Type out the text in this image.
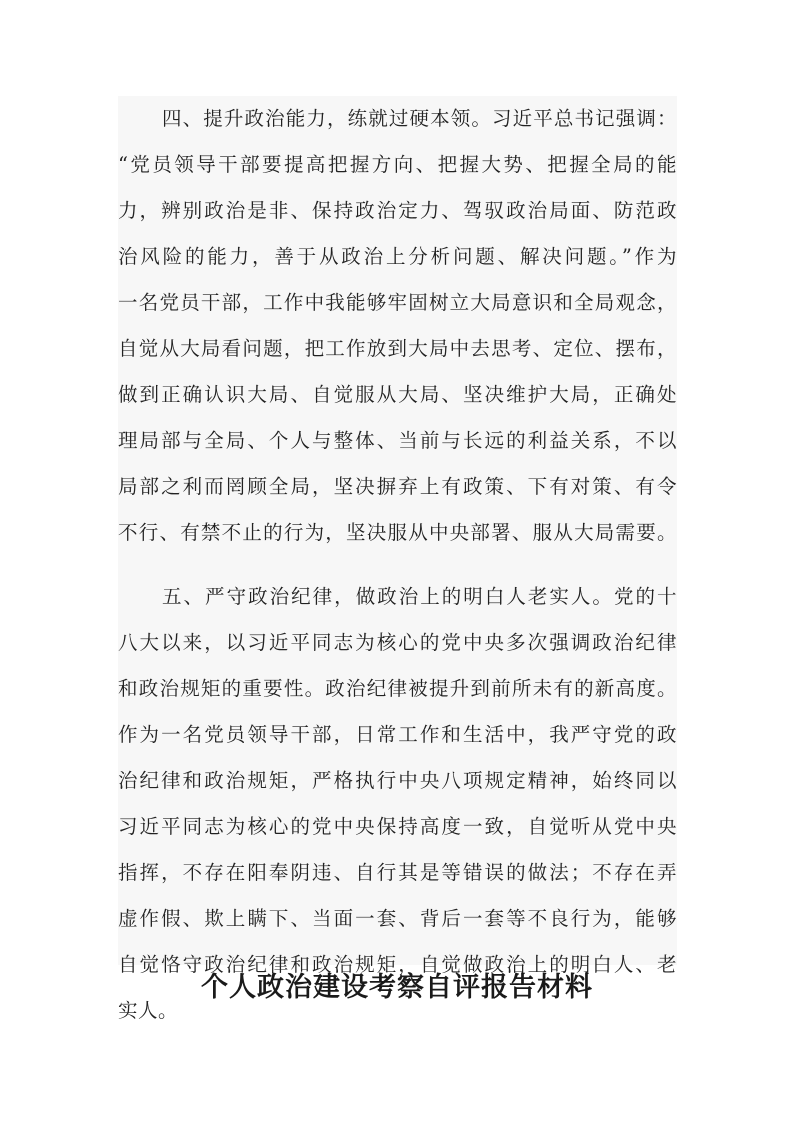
四、提升政治能力，练就过硬本领。习近平总书记强调：
“党员领导干部要提高把握方向、把握大势、把握全局的能
力，辨别政治是非、保持政治定力、驾驭政治局面、防范政
治风险的能力，善于从政治上分析问题、解决问题。”作为
一名党员干部，工作中我能够牢固树立大局意识和全局观念，
自觉从大局看问题，把工作放到大局中去思考、定位、摆布，
做到正确认识大局、自觉服从大局、坚决维护大局，正确处
理局部与全局、个人与整体、当前与长远的利益关系，不以
局部之利而罔顾全局，坚决摒弃上有政策、下有对策、有令
不行、有禁不止的行为，坚决服从中央部署、服从大局需要。
五、严守政治纪律，做政治上的明白人老实人。党的十
八大以来，以习近平同志为核心的党中央多次强调政治纪律
和政治规矩的重要性。政治纪律被提升到前所未有的新高度。
作为一名党员领导干部，日常工作和生活中，我严守党的政
治纪律和政治规矩，严格执行中央八项规定精神，始终同以
习近平同志为核心的党中央保持高度一致，自觉听从党中央
指挥，不存在阳奉阴违、自行其是等错误的做法；不存在弄
虚作假、欺上瞒下、当面一套、背后一套等不良行为，能够
自觉恪守政治纪律和政治规矩，自觉做政治上的明白人、老
实人。
个人政治建设考察自评报告材料
